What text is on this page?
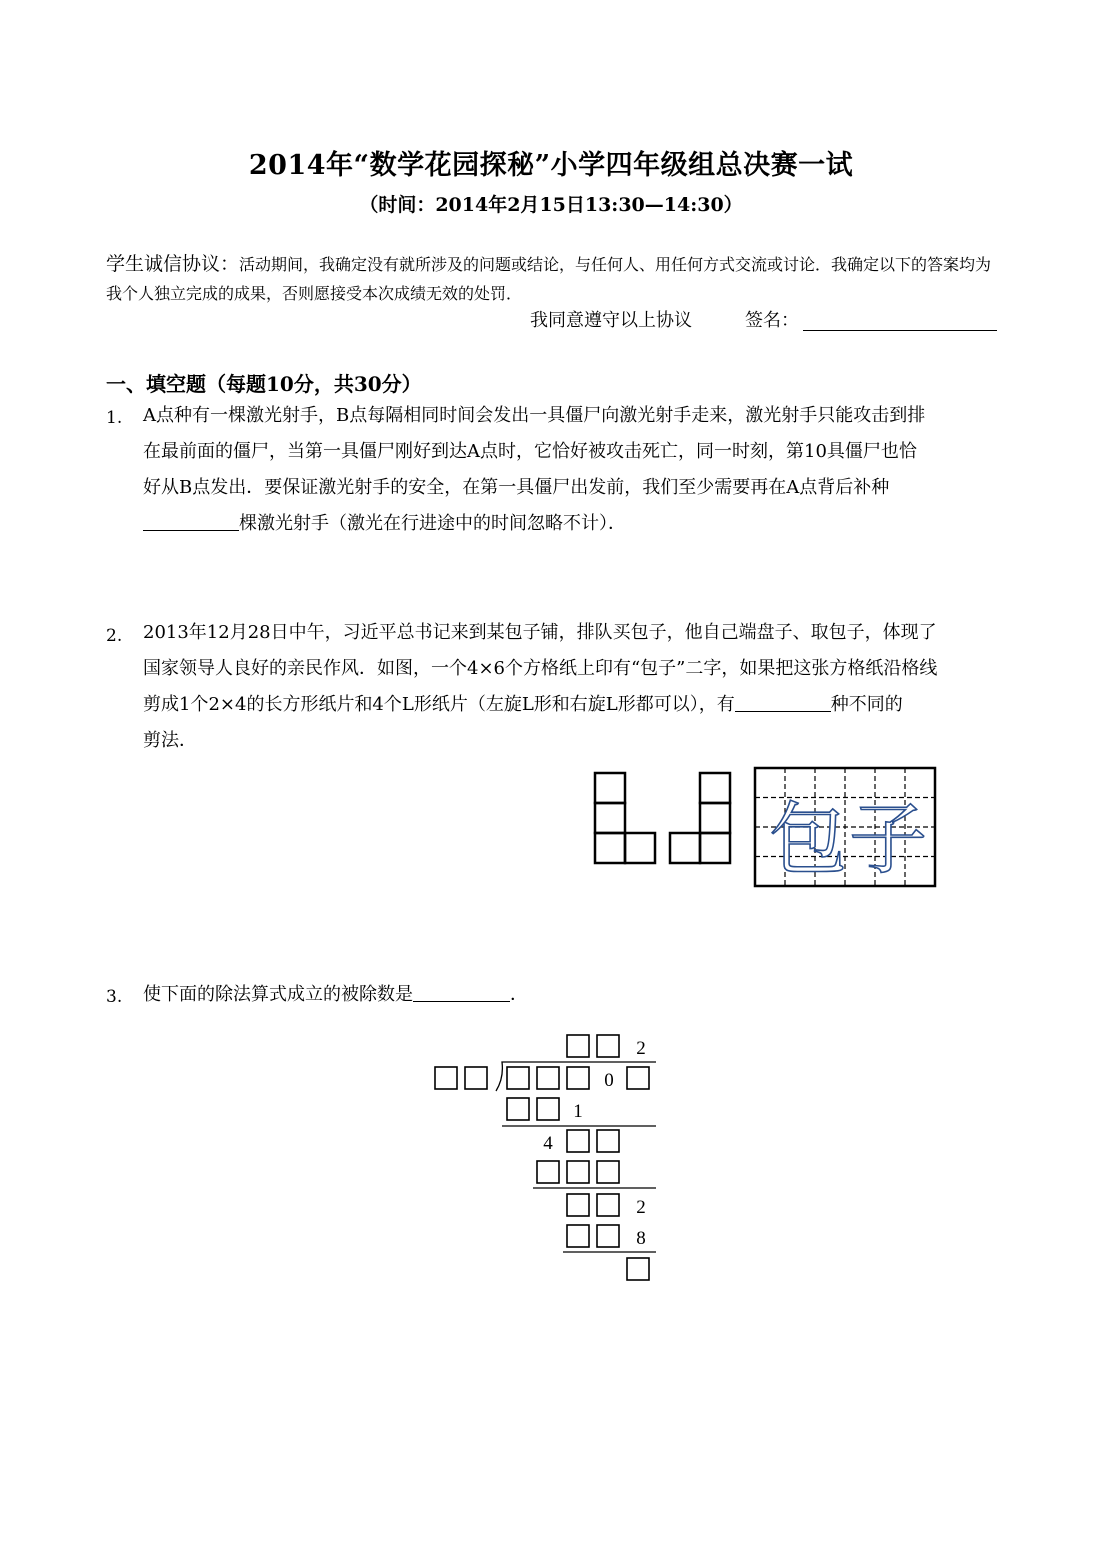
2014年“数学花园探秘”小学四年级组总决赛一试
（时间：2014年2月15日13:30—14:30）
学生诚信协议：活动期间，我确定没有就所涉及的问题或结论，与任何人、用任何方式交流或讨论．我确定以下的答案均为我个人独立完成的成果，否则愿接受本次成绩无效的处罚．
我同意遵守以上协议	签名：
一、填空题（每题10分，共30分）
1. A点种有一棵激光射手，B点每隔相同时间会发出一具僵尸向激光射手走来，激光射手只能攻击到排
在最前面的僵尸，当第一具僵尸刚好到达A点时，它恰好被攻击死亡，同一时刻，第10具僵尸也恰
好从B点发出．要保证激光射手的安全，在第一具僵尸出发前，我们至少需要再在A点背后补种
棵激光射手（激光在行进途中的时间忽略不计）．
2. 2013年12月28日中午，习近平总书记来到某包子铺，排队买包子，他自己端盘子、取包子，体现了
国家领导人良好的亲民作风．如图，一个4×6个方格纸上印有“包子”二字，如果把这张方格纸沿格线
剪成1个2×4的长方形纸片和4个L形纸片（左旋L形和右旋L形都可以），有	种不同的
剪法．
包 子
3. 使下面的除法算式成立的被除数是	．
2
0
1
4
2
8
